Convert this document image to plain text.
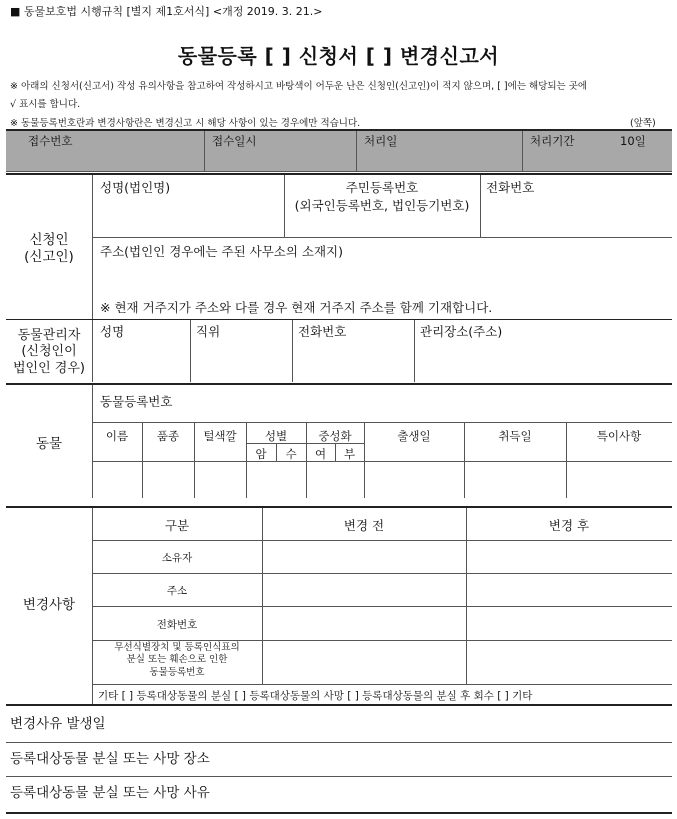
■ 동물보호법 시행규칙 [별지 제1호서식] <개정 2019. 3. 21.>
동물등록 [ ] 신청서 [ ] 변경신고서
※ 아래의 신청서(신고서) 작성 유의사항을 참고하여 작성하시고 바탕색이 어두운 난은 신청인(신고인)이 적지 않으며, [ ]에는 해당되는 곳에
√ 표시를 합니다.
※ 동물등록번호란과 변경사항란은 변경신고 시 해당 사항이 있는 경우에만 적습니다.	(앞쪽)
접수번호	접수일시	처리일	처리기간	10일
신청인
(신고인)
성명(법인명)	주민등록번호
(외국인등록번호, 법인등기번호)
전화번호
주소(법인인 경우에는 주된 사무소의 소재지)
※ 현재 거주지가 주소와 다를 경우 현재 거주지 주소를 함께 기재합니다.
동물관리자
(신청인이
법인인 경우)
성명	직위	전화번호	관리장소(주소)
동물
동물등록번호
이름	품종	털색깔	성별	중성화	출생일	취득일	특이사항
암	수	여	부
변경사항
구분	변경 전	변경 후
소유자
주소
전화번호
무선식별장치 및 등록인식표의
분실 또는 훼손으로 인한
동물등록번호
기타 [ ] 등록대상동물의 분실 [ ] 등록대상동물의 사망 [ ] 등록대상동물의 분실 후 회수 [ ] 기타
변경사유 발생일
등록대상동물 분실 또는 사망 장소
등록대상동물 분실 또는 사망 사유
